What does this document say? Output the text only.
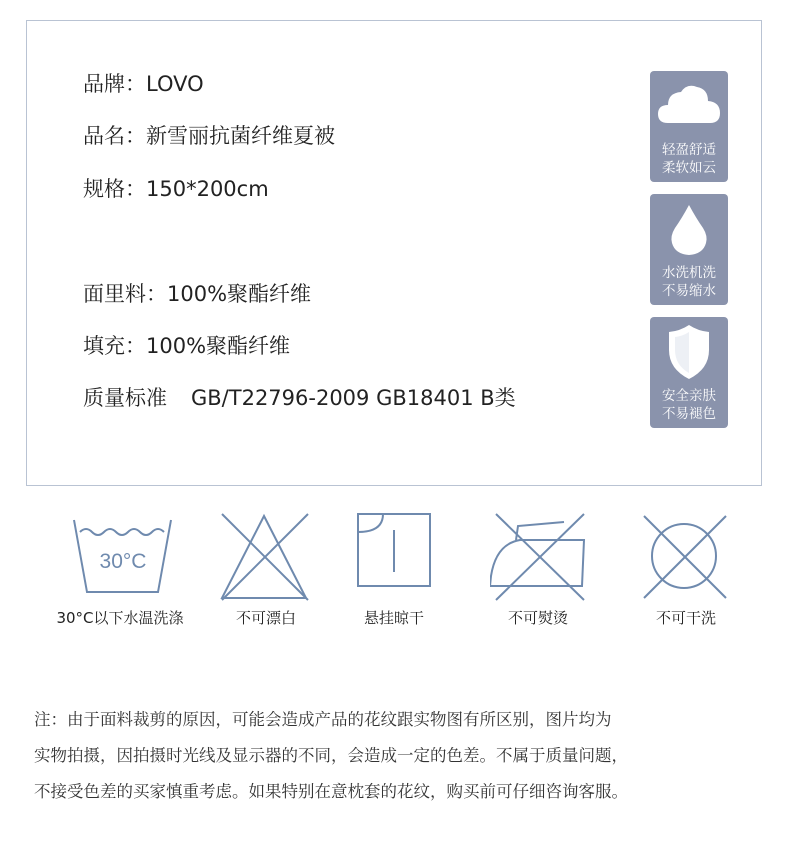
品牌：LOVO
品名：新雪丽抗菌纤维夏被
规格：150*200cm
面里料：100%聚酯纤维
填充：100%聚酯纤维
质量标准 GB/T22796-2009 GB18401 B类
轻盈舒适
柔软如云
水洗机洗
不易缩水
安全亲肤
不易褪色
30°C
30°C以下水温洗涤	不可漂白	悬挂晾干	不可熨烫	不可干洗
注：由于面料裁剪的原因，可能会造成产品的花纹跟实物图有所区别，图片均为
实物拍摄，因拍摄时光线及显示器的不同，会造成一定的色差。不属于质量问题，
不接受色差的买家慎重考虑。如果特别在意枕套的花纹，购买前可仔细咨询客服。
